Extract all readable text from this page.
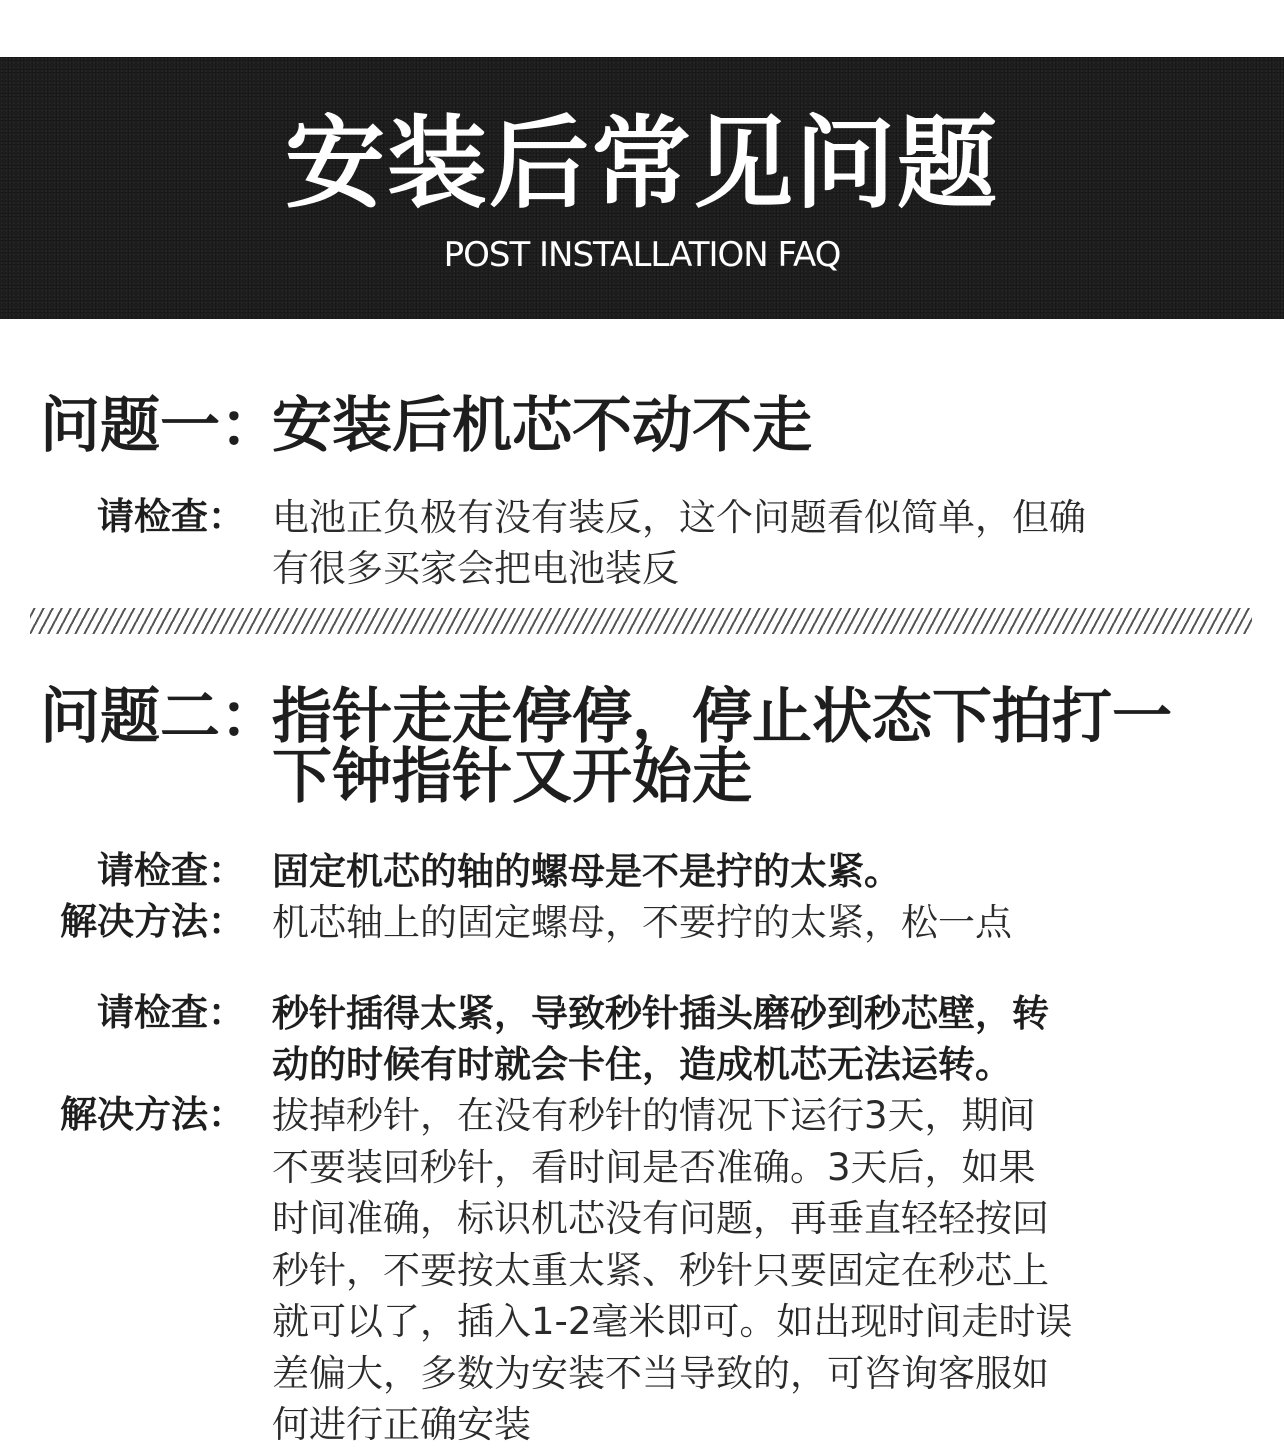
安装后常见问题
POST INSTALLATION FAQ
问题一：
安装后机芯不动不走
请检查： 电池正负极有没有装反，这个问题看似简单，但确
有很多买家会把电池装反
问题二：
指针走走停停，停止状态下拍打一
下钟指针又开始走
请检查： 固定机芯的轴的螺母是不是拧的太紧。
解决方法： 机芯轴上的固定螺母，不要拧的太紧，松一点
请检查： 秒针插得太紧，导致秒针插头磨砂到秒芯壁，转
动的时候有时就会卡住，造成机芯无法运转。
解决方法： 拔掉秒针，在没有秒针的情况下运行3天，期间
不要装回秒针，看时间是否准确。3天后，如果
时间准确，标识机芯没有问题，再垂直轻轻按回
秒针，不要按太重太紧、秒针只要固定在秒芯上
就可以了，插入1-2毫米即可。如出现时间走时误
差偏大，多数为安装不当导致的，可咨询客服如
何进行正确安装
